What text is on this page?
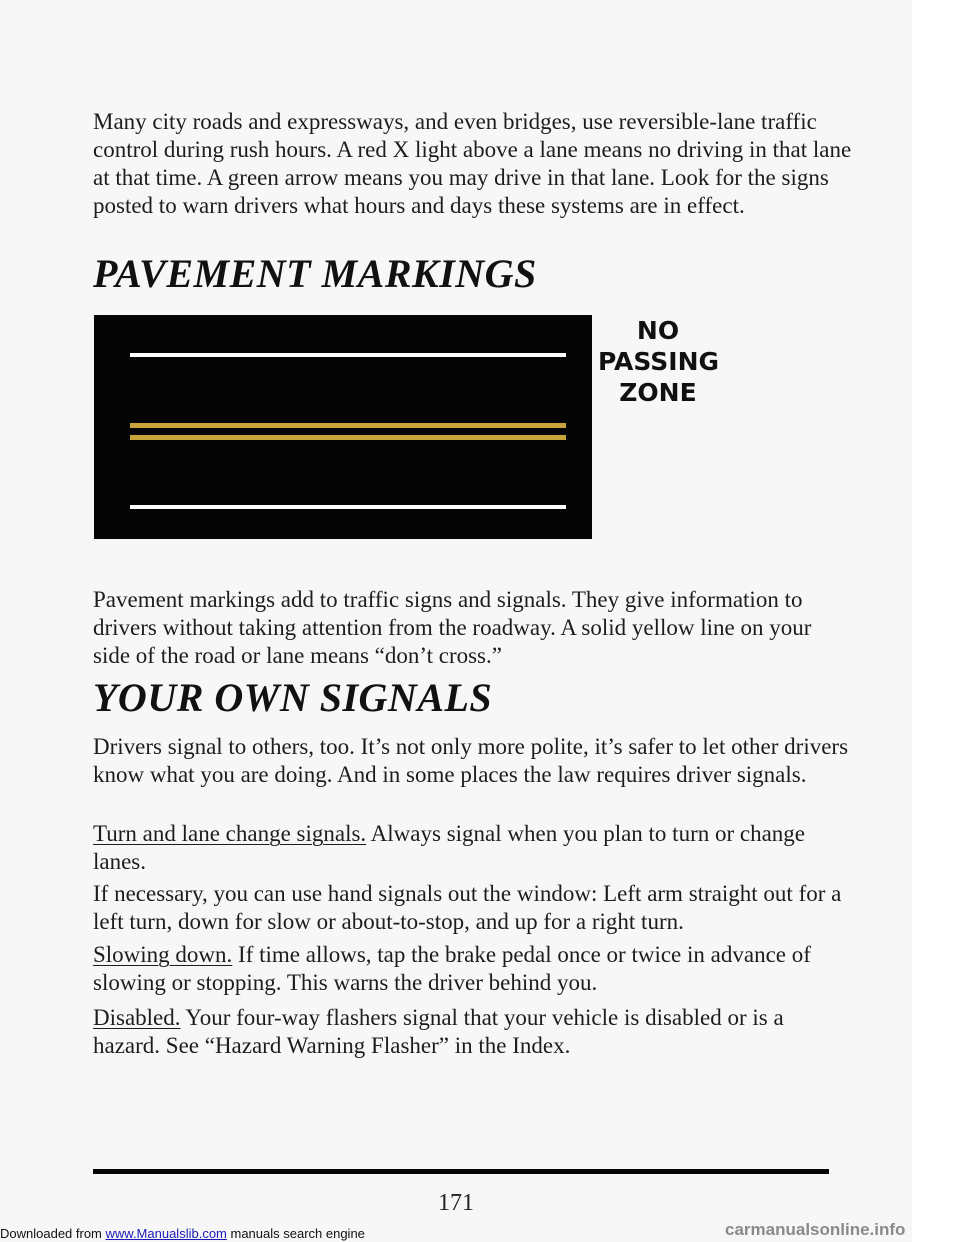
Many city roads and expressways, and even bridges, use reversible-lane traffic control during rush hours. A red X light above a lane means no driving in that lane at that time. A green arrow means you may drive in that lane. Look for the signs posted to warn drivers what hours and days these systems are in effect.

PAVEMENT MARKINGS
NO
PASSING
ZONE

Pavement markings add to traffic signs and signals. They give information to drivers without taking attention from the roadway. A solid yellow line on your side of the road or lane means “don’t cross.”

YOUR OWN SIGNALS

Drivers signal to others, too. It’s not only more polite, it’s safer to let other drivers know what you are doing. And in some places the law requires driver signals.

Turn and lane change signals. Always signal when you plan to turn or change lanes.

If necessary, you can use hand signals out the window: Left arm straight out for a left turn, down for slow or about-to-stop, and up for a right turn.

Slowing down. If time allows, tap the brake pedal once or twice in advance of slowing or stopping. This warns the driver behind you.

Disabled. Your four-way flashers signal that your vehicle is disabled or is a hazard. See “Hazard Warning Flasher” in the Index.

171
Downloaded from www.Manualslib.com manuals search engine	carmanualsonline.info
